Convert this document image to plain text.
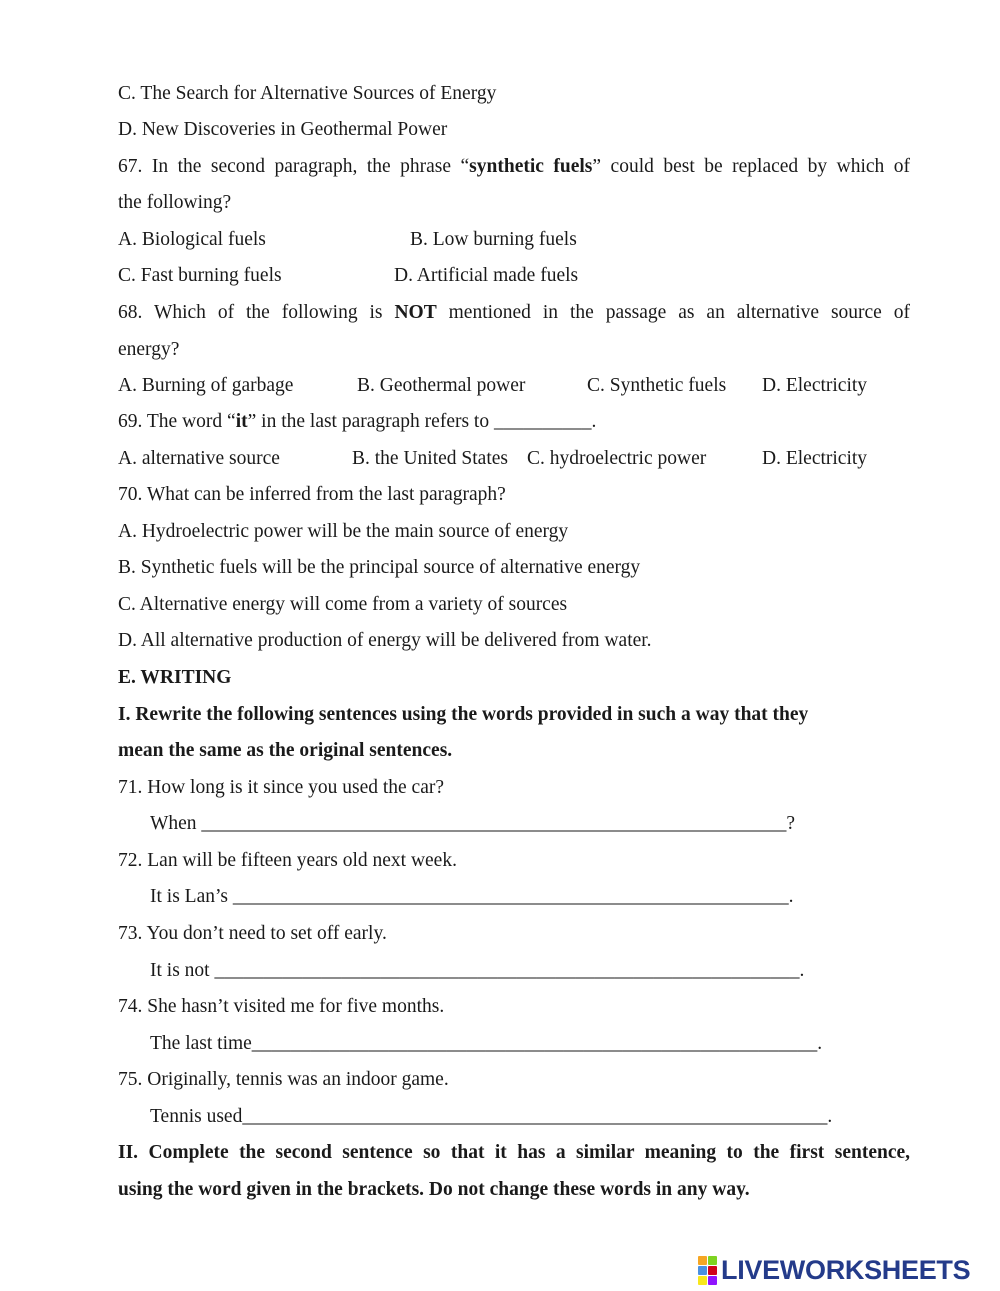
C. The Search for Alternative Sources of Energy
D. New Discoveries in Geothermal Power
67. In the second paragraph, the phrase “synthetic fuels” could best be replaced by which of
the following?
A. Biological fuels	B. Low burning fuels
C. Fast burning fuels	D. Artificial made fuels
68. Which of the following is NOT mentioned in the passage as an alternative source of
energy?
A. Burning of garbage	B. Geothermal power	C. Synthetic fuels D. Electricity
69. The word “it” in the last paragraph refers to __________.
A. alternative source	B. the United States C. hydroelectric power	D. Electricity
70. What can be inferred from the last paragraph?
A. Hydroelectric power will be the main source of energy
B. Synthetic fuels will be the principal source of alternative energy
C. Alternative energy will come from a variety of sources
D. All alternative production of energy will be delivered from water.
E. WRITING
I. Rewrite the following sentences using the words provided in such a way that they
mean the same as the original sentences.
71. How long is it since you used the car?
When ____________________________________________________________?
72. Lan will be fifteen years old next week.
It is Lan’s _________________________________________________________.
73. You don’t need to set off early.
It is not ____________________________________________________________.
74. She hasn’t visited me for five months.
The last time__________________________________________________________.
75. Originally, tennis was an indoor game.
Tennis used____________________________________________________________.
II. Complete the second sentence so that it has a similar meaning to the first sentence,
using the word given in the brackets. Do not change these words in any way.
LIVEWORKSHEETS
